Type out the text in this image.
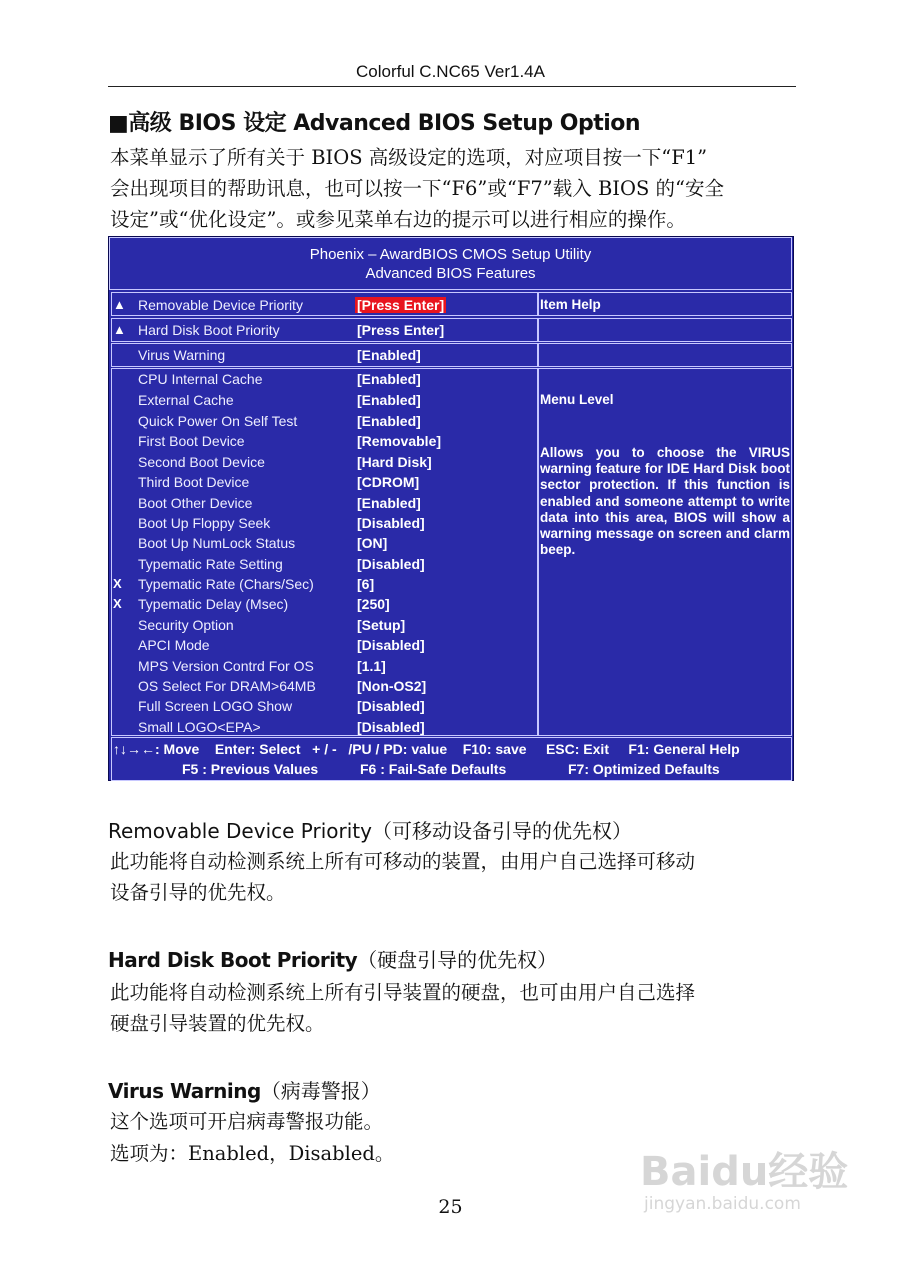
Colorful C.NC65 Ver1.4A
■高级 BIOS 设定 Advanced BIOS Setup Option
本菜单显示了所有关于 BIOS 高级设定的选项，对应项目按一下“F1”
会出现项目的帮助讯息，也可以按一下“F6”或“F7”载入 BIOS 的“安全
设定”或“优化设定”。或参见菜单右边的提示可以进行相应的操作。
Phoenix – AwardBIOS CMOS Setup Utility
Advanced BIOS Features
Item Help
Menu Level
Allows you to choose the VIRUS warning feature for IDE Hard Disk boot sector protection. If this function is enabled and someone attempt to write data into this area, BIOS will show a warning message on screen and clarm beep.
▲ Removable Device Priority	[Press Enter]
▲ Hard Disk Boot Priority	[Press Enter]
Virus Warning	[Enabled]
CPU Internal Cache	[Enabled]
External Cache	[Enabled]
Quick Power On Self Test	[Enabled]
First Boot Device	[Removable]
Second Boot Device	[Hard Disk]
Third Boot Device	[CDROM]
Boot Other Device	[Enabled]
Boot Up Floppy Seek	[Disabled]
Boot Up NumLock Status	[ON]
Typematic Rate Setting	[Disabled]
X Typematic Rate (Chars/Sec)	[6]
X Typematic Delay (Msec)	[250]
Security Option	[Setup]
APCI Mode	[Disabled]
MPS Version Contrd For OS	[1.1]
OS Select For DRAM>64MB	[Non-OS2]
Full Screen LOGO Show	[Disabled]
Small LOGO<EPA>	[Disabled]
↑↓→←: Move    Enter: Select   + / -   /PU / PD: value    F10: save     ESC: Exit     F1: General Help
F5 : Previous Values	F6 : Fail-Safe Defaults	F7: Optimized Defaults
Removable Device Priority（可移动设备引导的优先权）
此功能将自动检测系统上所有可移动的装置，由用户自己选择可移动
设备引导的优先权。
Hard Disk Boot Priority（硬盘引导的优先权）
此功能将自动检测系统上所有引导装置的硬盘，也可由用户自己选择
硬盘引导装置的优先权。
Virus Warning（病毒警报）
这个选项可开启病毒警报功能。
选项为：Enabled，Disabled。
25
Baidu经验
jingyan.baidu.com
